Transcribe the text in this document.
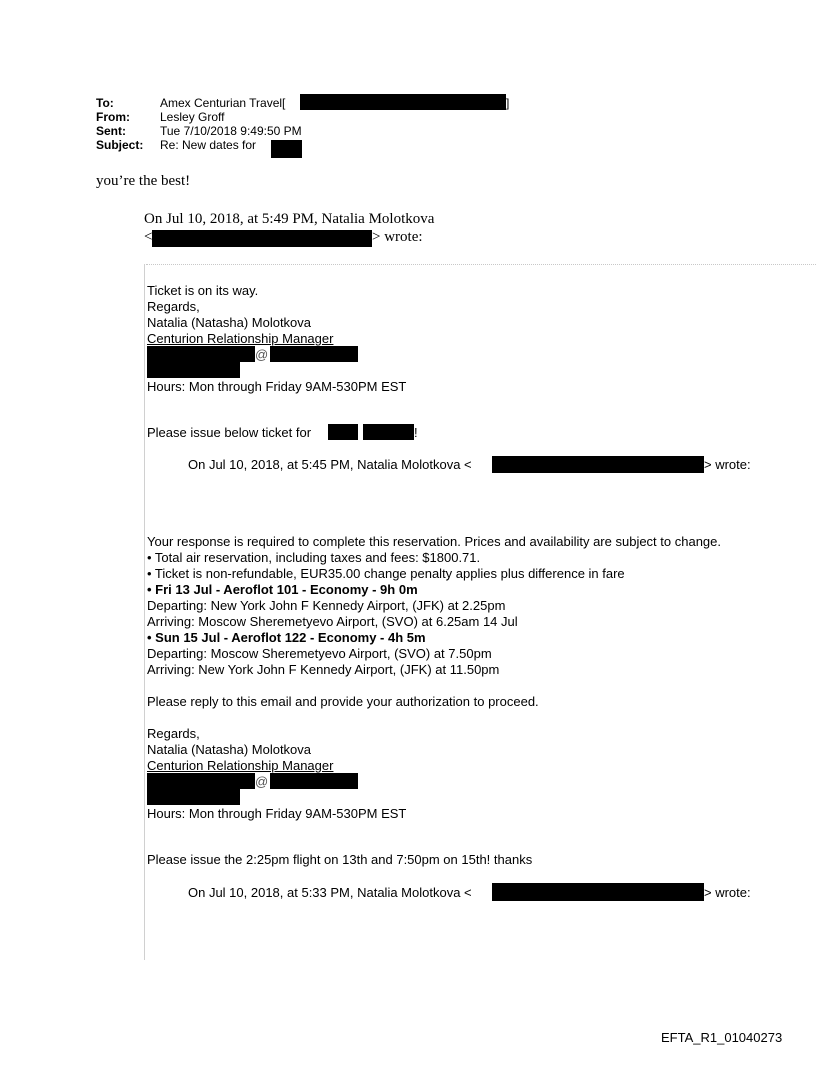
To:	Amex Centurian Travel[	]
From:	Lesley Groff
Sent:	Tue 7/10/2018 9:49:50 PM
Subject: Re: New dates for
you’re the best!
On Jul 10, 2018, at 5:49 PM, Natalia Molotkova
<	> wrote:
Ticket is on its way.
Regards,
Natalia (Natasha) Molotkova
Centurion Relationship Manager
@
Hours: Mon through Friday 9AM-530PM EST
Please issue below ticket for	!
On Jul 10, 2018, at 5:45 PM, Natalia Molotkova <	> wrote:
Your response is required to complete this reservation. Prices and availability are subject to change.
• Total air reservation, including taxes and fees: $1800.71.
• Ticket is non-refundable, EUR35.00 change penalty applies plus difference in fare
• Fri 13 Jul - Aeroflot 101 - Economy - 9h 0m
Departing: New York John F Kennedy Airport, (JFK) at 2.25pm
Arriving: Moscow Sheremetyevo Airport, (SVO) at 6.25am 14 Jul
• Sun 15 Jul - Aeroflot 122 - Economy - 4h 5m
Departing: Moscow Sheremetyevo Airport, (SVO) at 7.50pm
Arriving: New York John F Kennedy Airport, (JFK) at 11.50pm
Please reply to this email and provide your authorization to proceed.
Regards,
Natalia (Natasha) Molotkova
Centurion Relationship Manager
@
Hours: Mon through Friday 9AM-530PM EST
Please issue the 2:25pm flight on 13th and 7:50pm on 15th! thanks
On Jul 10, 2018, at 5:33 PM, Natalia Molotkova <	> wrote:
EFTA_R1_01040273
